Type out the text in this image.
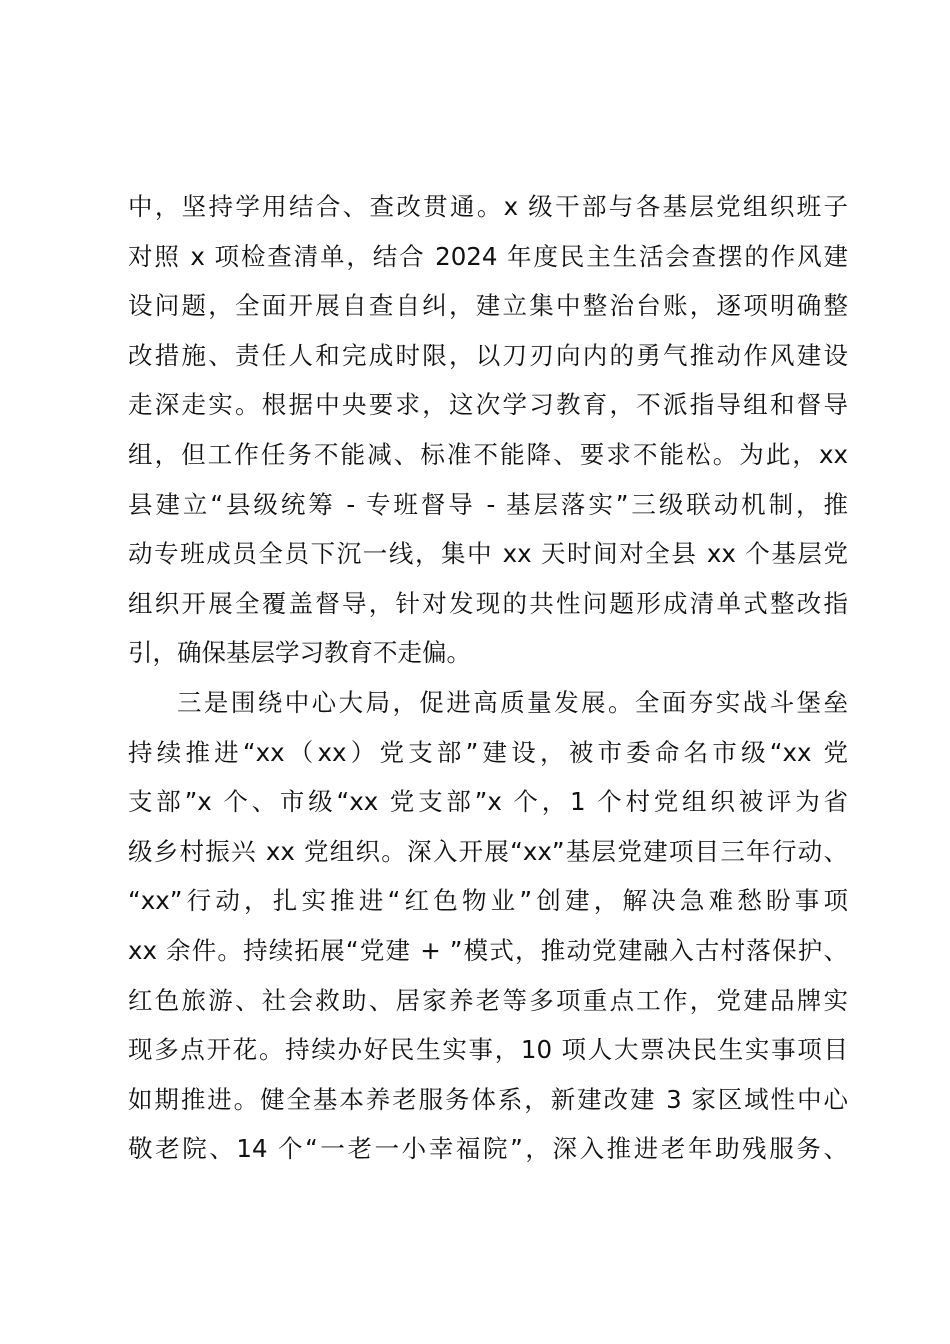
中，坚持学用结合、查改贯通。x 级干部与各基层党组织班子
对照 x 项检查清单，结合 2024 年度民主生活会查摆的作风建
设问题，全面开展自查自纠，建立集中整治台账，逐项明确整
改措施、责任人和完成时限，以刀刃向内的勇气推动作风建设
走深走实。根据中央要求，这次学习教育，不派指导组和督导
组，但工作任务不能减、标准不能降、要求不能松。为此，xx
县建立“县级统筹 - 专班督导 - 基层落实”三级联动机制，推
动专班成员全员下沉一线，集中 xx 天时间对全县 xx 个基层党
组织开展全覆盖督导，针对发现的共性问题形成清单式整改指
引，确保基层学习教育不走偏。
三是围绕中心大局，促进高质量发展。全面夯实战斗堡垒
持续推进“xx（xx）党支部”建设，被市委命名市级“xx 党
支部”x 个、市级“xx 党支部”x 个，1 个村党组织被评为省
级乡村振兴 xx 党组织。深入开展“xx”基层党建项目三年行动、
“xx”行动，扎实推进“红色物业”创建，解决急难愁盼事项
xx 余件。持续拓展“党建 + ”模式，推动党建融入古村落保护、
红色旅游、社会救助、居家养老等多项重点工作，党建品牌实
现多点开花。持续办好民生实事，10 项人大票决民生实事项目
如期推进。健全基本养老服务体系，新建改建 3 家区域性中心
敬老院、14 个“一老一小幸福院”，深入推进老年助残服务、
